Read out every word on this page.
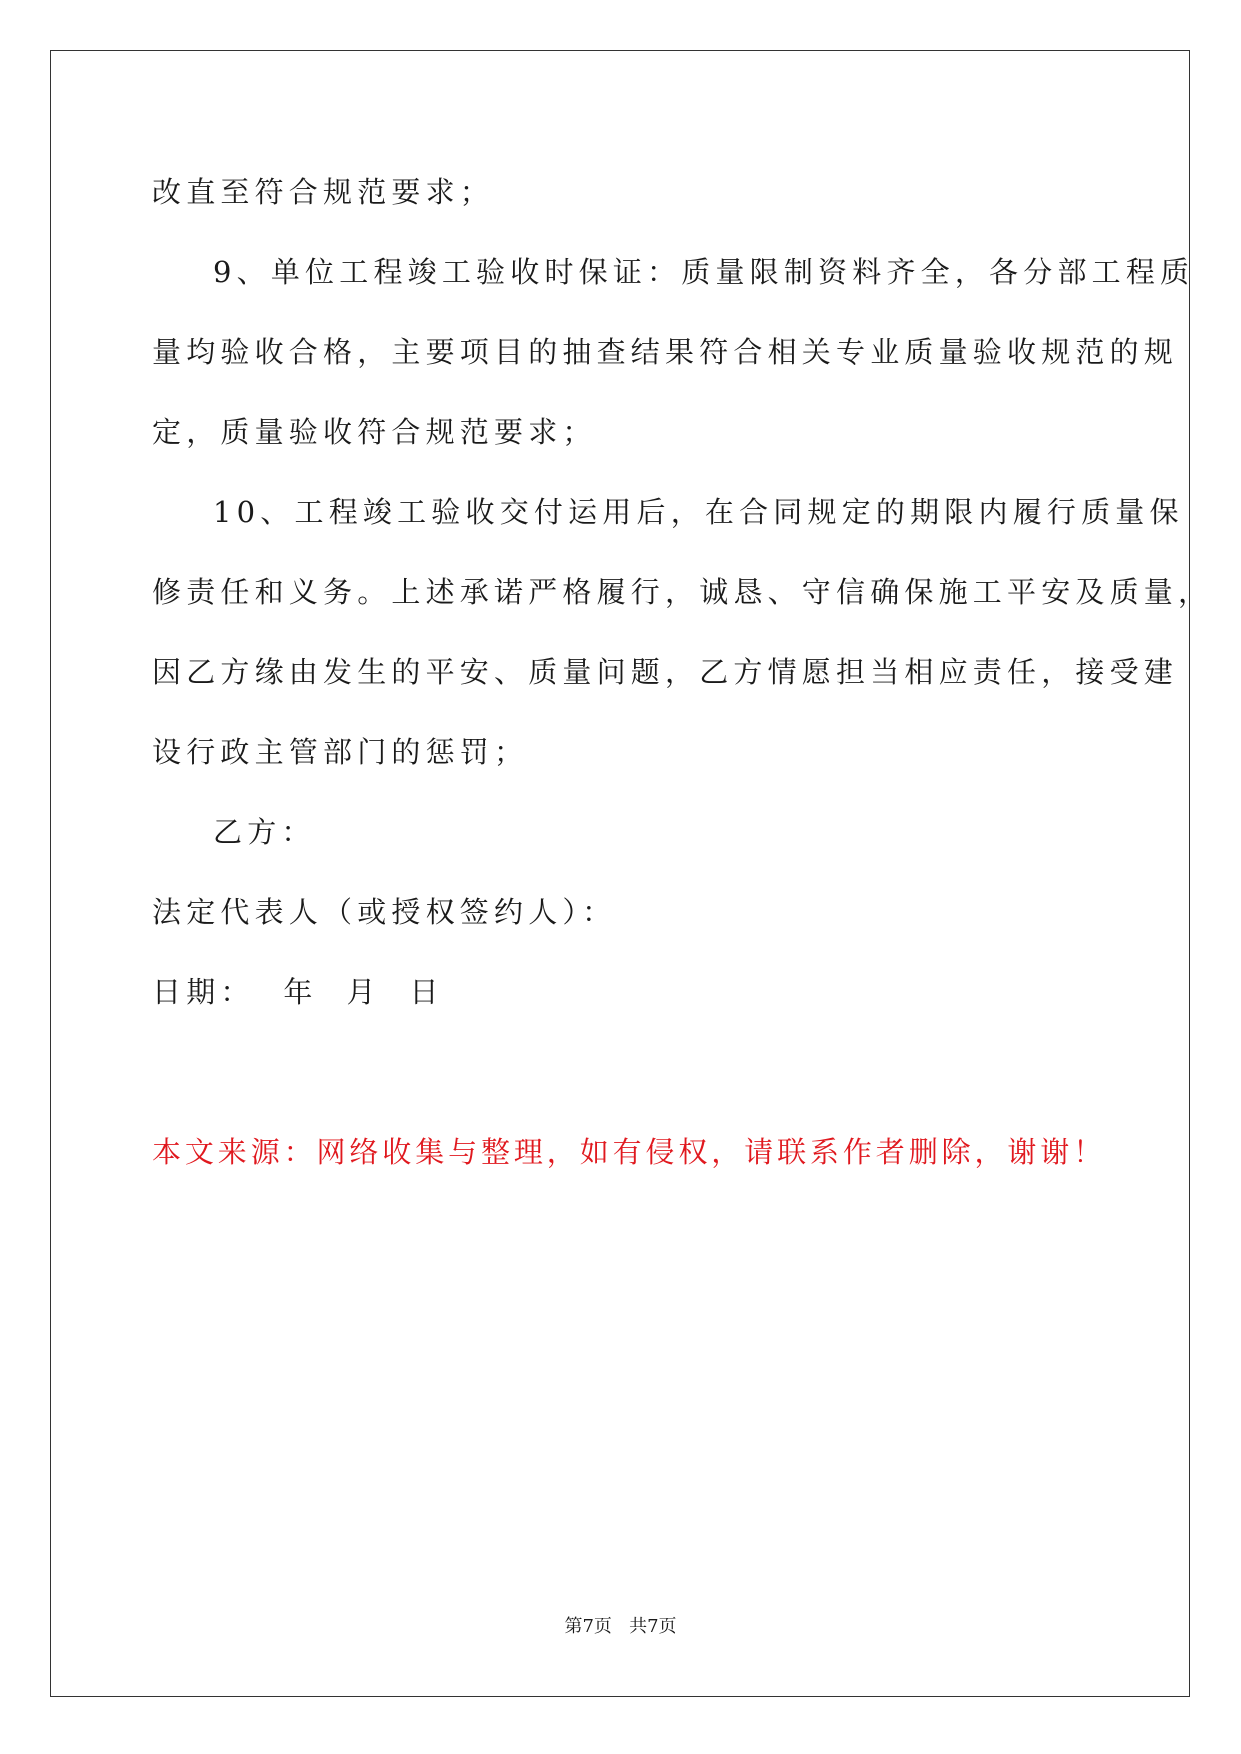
改直至符合规范要求；
9、单位工程竣工验收时保证：质量限制资料齐全，各分部工程质
量均验收合格，主要项目的抽查结果符合相关专业质量验收规范的规
定，质量验收符合规范要求；
10、工程竣工验收交付运用后，在合同规定的期限内履行质量保
修责任和义务。上述承诺严格履行，诚恳、守信确保施工平安及质量，
因乙方缘由发生的平安、质量问题，乙方情愿担当相应责任，接受建
设行政主管部门的惩罚；
乙方：
法定代表人（或授权签约人）：
日期：  年  月  日
本文来源：网络收集与整理，如有侵权，请联系作者删除，谢谢！
第7页   共7页
